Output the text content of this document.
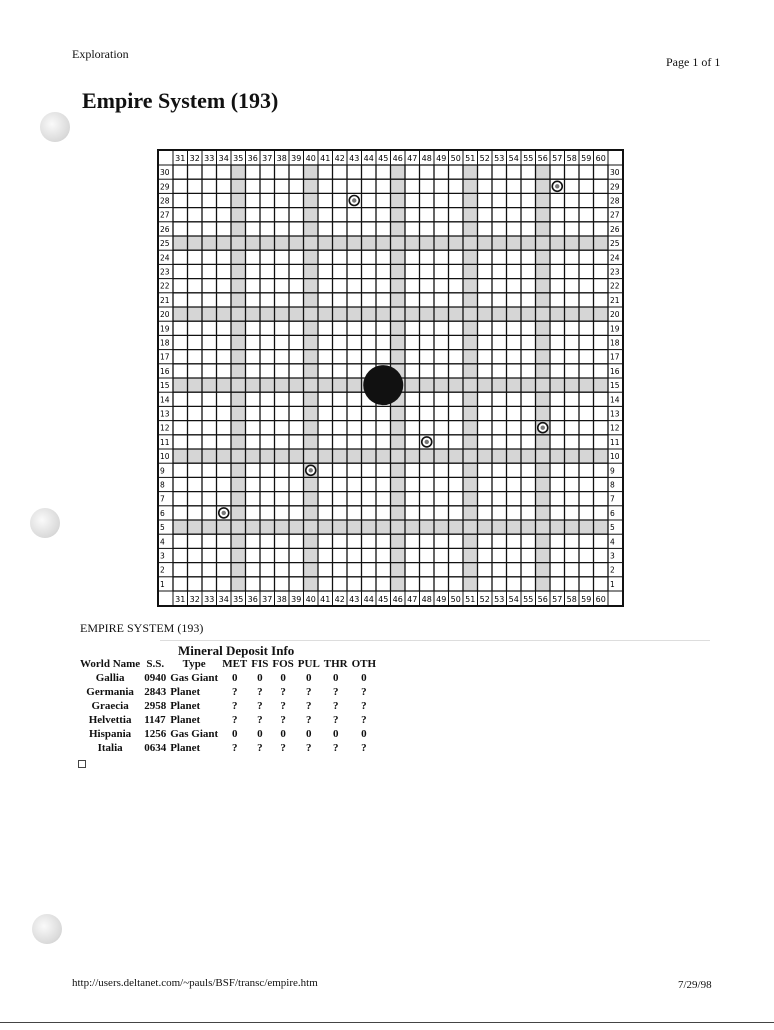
Exploration
Page 1 of 1
Empire System (193)
31
31
32
32
33
33
34
34
35
35
36
36
37
37
38
38
39
39
40
40
41
41
42
42
43
43
44
44
45
45
46
46
47
47
48
48
49
49
50
50
51
51
52
52
53
53
54
54
55
55
56
56
57
57
58
58
59
59
60
60
30	30
29	29
28	28
27	27
26	26
25	25
24	24
23	23
22	22
21	21
20	20
19	19
18	18
17	17
16	16
15	15
14	14
13	13
12	12
11	11
10	10
9	9
8	8
7	7
6	6
5	5
4	4
3	3
2	2
1	1
EMPIRE SYSTEM (193)
Mineral Deposit Info
World Name	S.S.	Type	MET	FIS	FOS	PUL	THR	OTH
Gallia	0940	Gas Giant	0	0	0	0	0	0
Germania	2843	Planet	?	?	?	?	?	?
Graecia	2958	Planet	?	?	?	?	?	?
Helvettia	1147	Planet	?	?	?	?	?	?
Hispania	1256	Gas Giant	0	0	0	0	0	0
Italia	0634	Planet	?	?	?	?	?	?
http://users.deltanet.com/~pauls/BSF/transc/empire.htm	7/29/98
